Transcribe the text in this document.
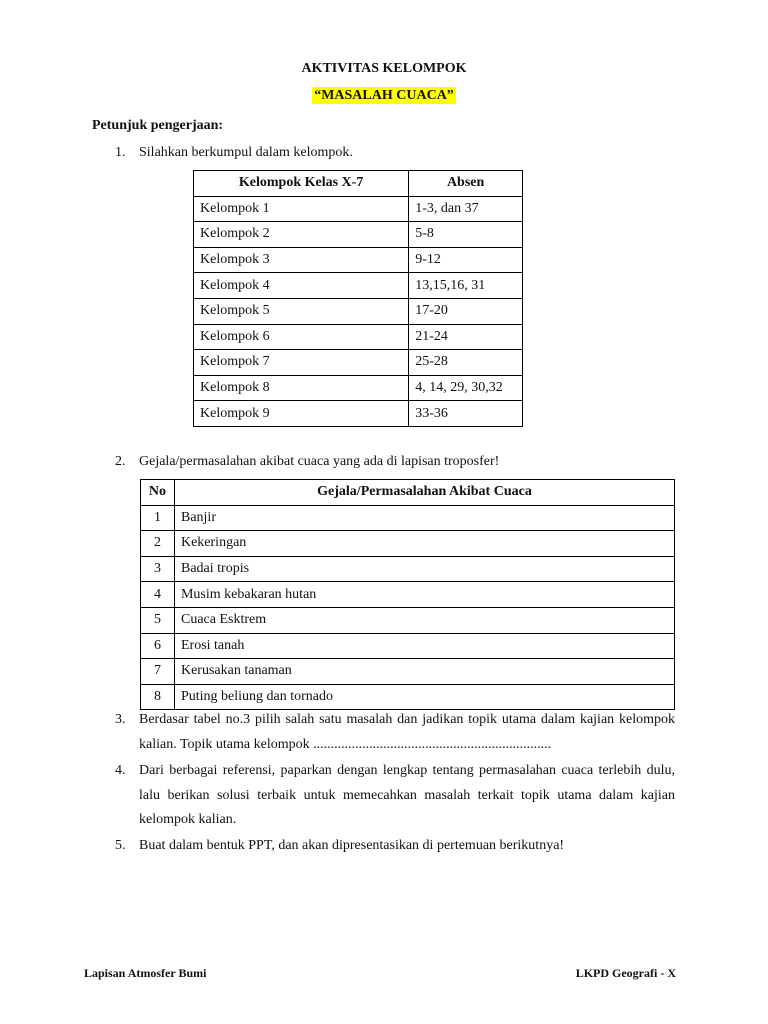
AKTIVITAS KELOMPOK
“MASALAH CUACA”
Petunjuk pengerjaan:
1. Silahkan berkumpul dalam kelompok.
Kelompok Kelas X-7	Absen
Kelompok 1	1-3, dan 37
Kelompok 2	5-8
Kelompok 3	9-12
Kelompok 4	13,15,16, 31
Kelompok 5	17-20
Kelompok 6	21-24
Kelompok 7	25-28
Kelompok 8	4, 14, 29, 30,32
Kelompok 9	33-36
2. Gejala/permasalahan akibat cuaca yang ada di lapisan troposfer!
No	Gejala/Permasalahan Akibat Cuaca
1	Banjir
2	Kekeringan
3	Badai tropis
4	Musim kebakaran hutan
5	Cuaca Esktrem
6	Erosi tanah
7	Kerusakan tanaman
8	Puting beliung dan tornado
3. Berdasar tabel no.3 pilih salah satu masalah dan jadikan topik utama dalam kajian kelompok kalian. Topik utama kelompok ....................................................................
4. Dari berbagai referensi, paparkan dengan lengkap tentang permasalahan cuaca terlebih dulu, lalu berikan solusi terbaik untuk memecahkan masalah terkait topik utama dalam kajian kelompok kalian.
5. Buat dalam bentuk PPT, dan akan dipresentasikan di pertemuan berikutnya!
Lapisan Atmosfer Bumi	LKPD Geografi - X
